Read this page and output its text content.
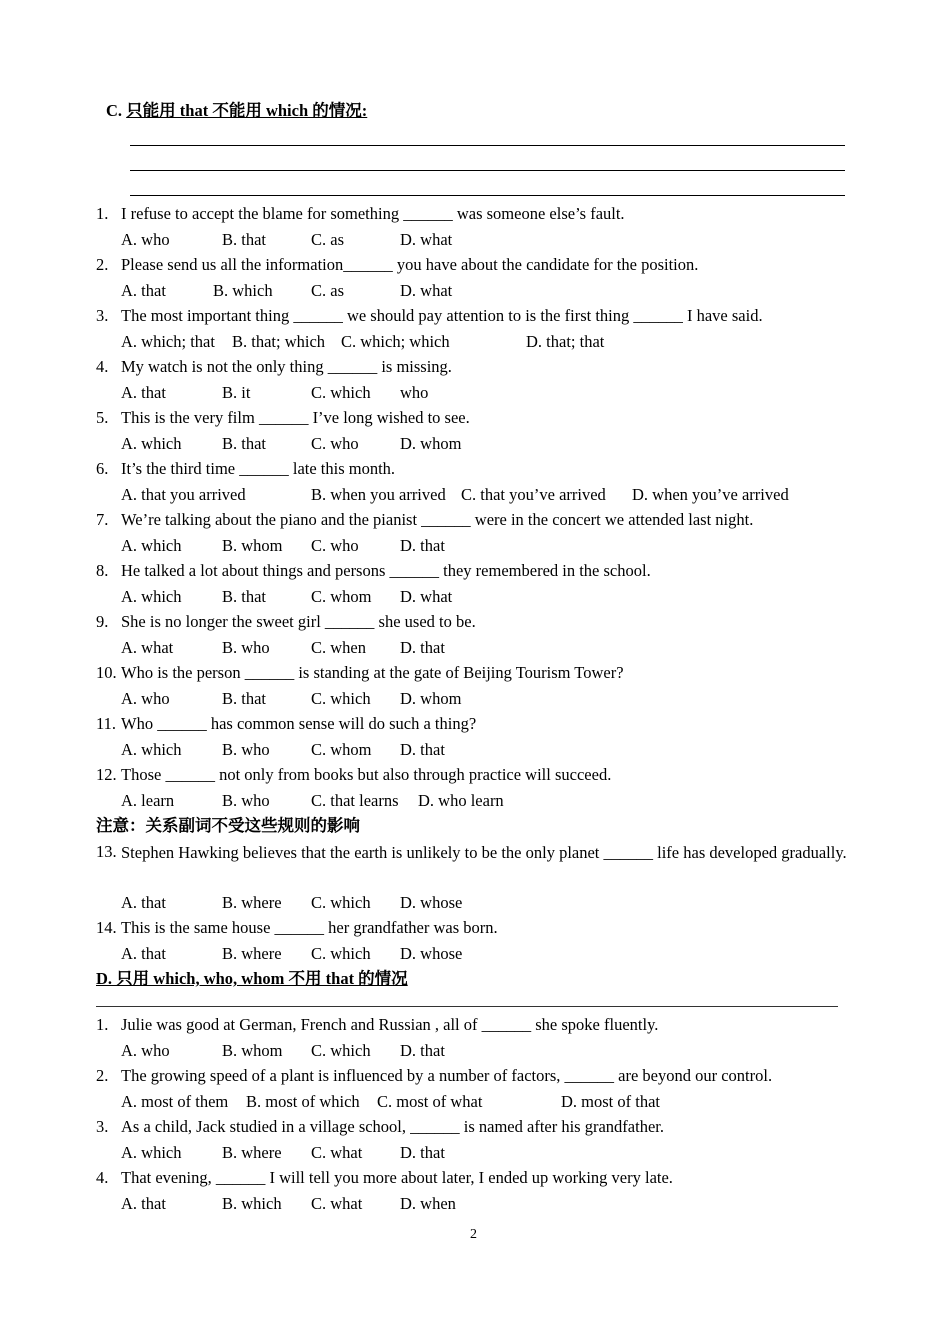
C. 只能用 that 不能用 which 的情况:
1. I refuse to accept the blame for something ______ was someone else’s fault.
A. who	B. that	C. as	D. what
2. Please send us all the information______ you have about the candidate for the position.
A. that	B. which C. as	D. what
3. The most important thing ______ we should pay attention to is the first thing ______ I have said.
A. which; that B. that; which C. which; which	D. that; that
4. My watch is not the only thing ______ is missing.
A. that	B. it	C. which who
5. This is the very film ______ I’ve long wished to see.
A. which B. that	C. who	D. whom
6. It’s the third time ______ late this month.
A. that you arrived	B. when you arrived C. that you’ve arrived D. when you’ve arrived
7. We’re talking about the piano and the pianist ______ were in the concert we attended last night.
A. which B. whom C. who	D. that
8. He talked a lot about things and persons ______ they remembered in the school.
A. which B. that	C. whom D. what
9. She is no longer the sweet girl ______ she used to be.
A. what	B. who	C. when D. that
10. Who is the person ______ is standing at the gate of Beijing Tourism Tower?
A. who	B. that	C. which D. whom
11. Who ______ has common sense will do such a thing?
A. which B. who	C. whom D. that
12. Those ______ not only from books but also through practice will succeed.
A. learn	B. who	C. that learns D. who learn
注意：关系副词不受这些规则的影响
13. Stephen Hawking believes that the earth is unlikely to be the only planet ______ life has developed gradually.
A. that	B. where C. which D. whose
14. This is the same house ______ her grandfather was born.
A. that	B. where C. which D. whose
D. 只用 which, who, whom 不用 that 的情况
1. Julie was good at German, French and Russian , all of ______ she spoke fluently.
A. who	B. whom C. which D. that
2. The growing speed of a plant is influenced by a number of factors, ______ are beyond our control.
A. most of them B. most of which C. most of what	D. most of that
3. As a child, Jack studied in a village school, ______ is named after his grandfather.
A. which B. where C. what D. that
4. That evening, ______ I will tell you more about later, I ended up working very late.
A. that	B. which C. what D. when
2
